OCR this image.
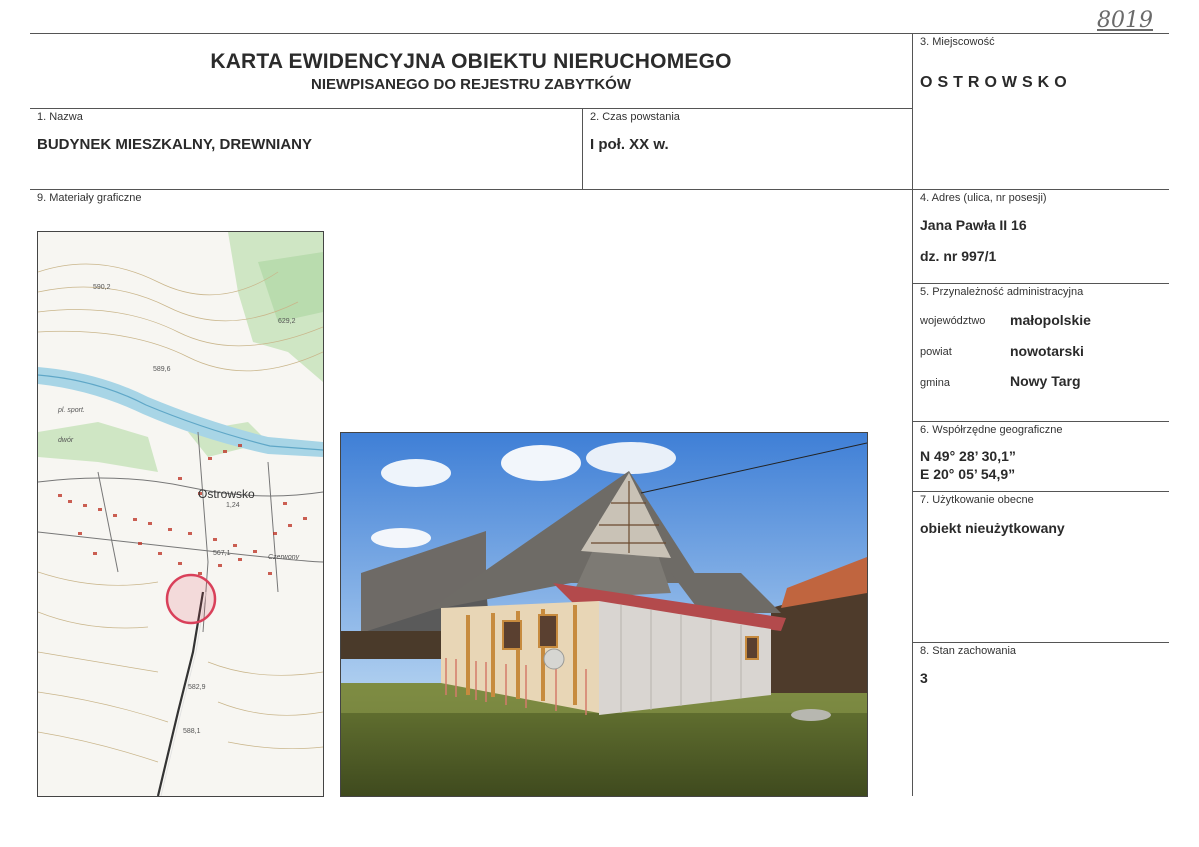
8019
KARTA EWIDENCYJNA OBIEKTU NIERUCHOMEGO
NIEWPISANEGO DO REJESTRU ZABYTKÓW
3. Miejscowość
OSTROWSKO
1. Nazwa
BUDYNEK MIESZKALNY, DREWNIANY
2. Czas powstania
I poł. XX w.
9. Materiały graficzne	4. Adres (ulica, nr posesji)
Jana Pawła II 16
dz. nr 997/1
5. Przynależność administracyjna
województwo małopolskie
powiat	nowotarski
gmina	Nowy Targ
6. Współrzędne geograficzne
N 49° 28’ 30,1”
E 20° 05’ 54,9”
7. Użytkowanie obecne
obiekt nieużytkowany
8. Stan zachowania
3
Ostrowsko
1,24
590,2
629,2
589,6
567,1
582,9
588,1
pl. sport.
dwór
Czerwony
